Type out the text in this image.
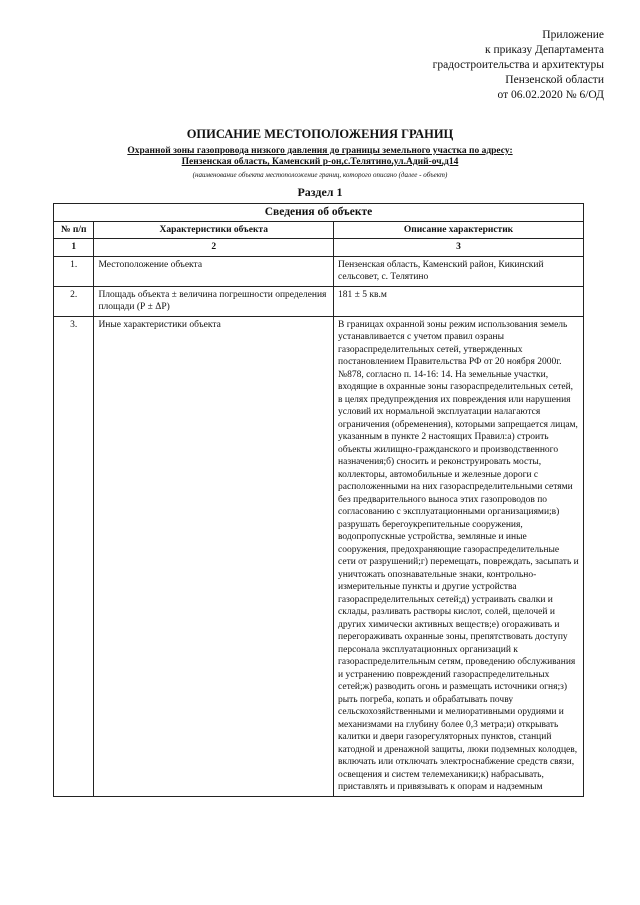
Приложение
к приказу Департамента
градостроительства и архитектуры
Пензенской области
от 06.02.2020 № 6/ОД
ОПИСАНИЕ МЕСТОПОЛОЖЕНИЯ ГРАНИЦ
Охранной зоны газопровода низкого давления до границы земельного участка по адресу:
Пензенская область, Каменский р-он,с.Телятино,ул.Адий-оч,д14
(наименование объекта местоположение границ, которого описано (далее - объект)
Раздел 1
Сведения об объекте		
№ п/п	Характеристики объекта	Описание характеристик
1	2	3
1.	Местоположение объекта	Пензенская область, Каменский район, Кикинский сельсовет, с. Телятино
2.	Площадь объекта ± величина погрешности определения площади (Р ± ΔР)	181 ± 5 кв.м
3.	Иные характеристики объекта	В границах охранной зоны режим использования земель устанавливается с учетом правил озраны газораспределительных сетей, утвержденных постановлением Правительства РФ от 20 ноября 2000г. №878, согласно п. 14-16: 14. На земельные участки, входящие в охранные зоны газораспределительных сетей, в целях предупреждения их повреждения или нарушения условий их нормальной эксплуатации налагаются ограничения (обременения), которыми запрещается лицам, указанным в пункте 2 настоящих Правил:а) строить объекты жилищно-гражданского и производственного назначения;б) сносить и реконструировать мосты, коллекторы, автомобильные и железные дороги с расположенными на них газораспределительными сетями без предварительного выноса этих газопроводов по согласованию с эксплуатационными организациями;в) разрушать берегоукрепительные сооружения, водопропускные устройства, земляные и иные сооружения, предохраняющие газораспределительные сети от разрушений;г) перемещать, повреждать, засыпать и уничтожать опознавательные знаки, контрольно-измерительные пункты и другие устройства газораспределительных сетей;д) устраивать свалки и склады, разливать растворы кислот, солей, щелочей и других химически активных веществ;е) огораживать и перегораживать охранные зоны, препятствовать доступу персонала эксплуатационных организаций к газораспределительным сетям, проведению обслуживания и устранению повреждений газораспределительных сетей;ж) разводить огонь и размещать источники огня;з) рыть погреба, копать и обрабатывать почву сельскохозяйственными и мелиоративными орудиями и механизмами на глубину более 0,3 метра;и) открывать калитки и двери газорегуляторных пунктов, станций катодной и дренажной защиты, люки подземных колодцев, включать или отключать электроснабжение средств связи, освещения и систем телемеханики;к) набрасывать, приставлять и привязывать к опорам и надземным
